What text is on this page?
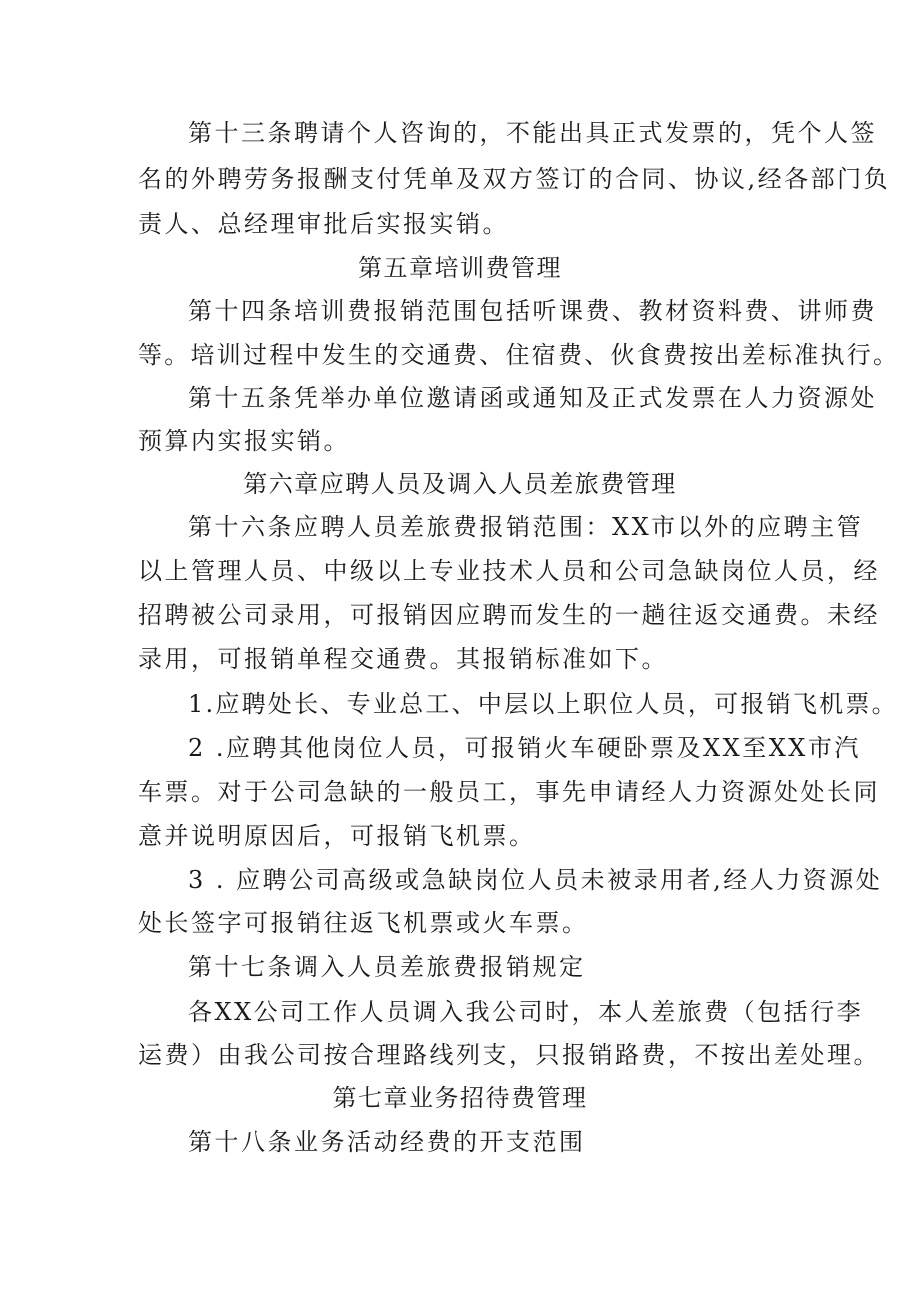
第十三条聘请个人咨询的，不能出具正式发票的，凭个人签
名的外聘劳务报酬支付凭单及双方签订的合同、协议,经各部门负
责人、总经理审批后实报实销。
第五章培训费管理
第十四条培训费报销范围包括听课费、教材资料费、讲师费
等。培训过程中发生的交通费、住宿费、伙食费按出差标准执行。
第十五条凭举办单位邀请函或通知及正式发票在人力资源处
预算内实报实销。
第六章应聘人员及调入人员差旅费管理
第十六条应聘人员差旅费报销范围：XX市以外的应聘主管
以上管理人员、中级以上专业技术人员和公司急缺岗位人员，经
招聘被公司录用，可报销因应聘而发生的一趟往返交通费。未经
录用，可报销单程交通费。其报销标准如下。
1.应聘处长、专业总工、中层以上职位人员，可报销飞机票。
2 .应聘其他岗位人员，可报销火车硬卧票及XX至XX市汽
车票。对于公司急缺的一般员工，事先申请经人力资源处处长同
意并说明原因后，可报销飞机票。
3 . 应聘公司高级或急缺岗位人员未被录用者,经人力资源处
处长签字可报销往返飞机票或火车票。
第十七条调入人员差旅费报销规定
各XX公司工作人员调入我公司时，本人差旅费（包括行李
运费）由我公司按合理路线列支，只报销路费，不按出差处理。
第七章业务招待费管理
第十八条业务活动经费的开支范围
